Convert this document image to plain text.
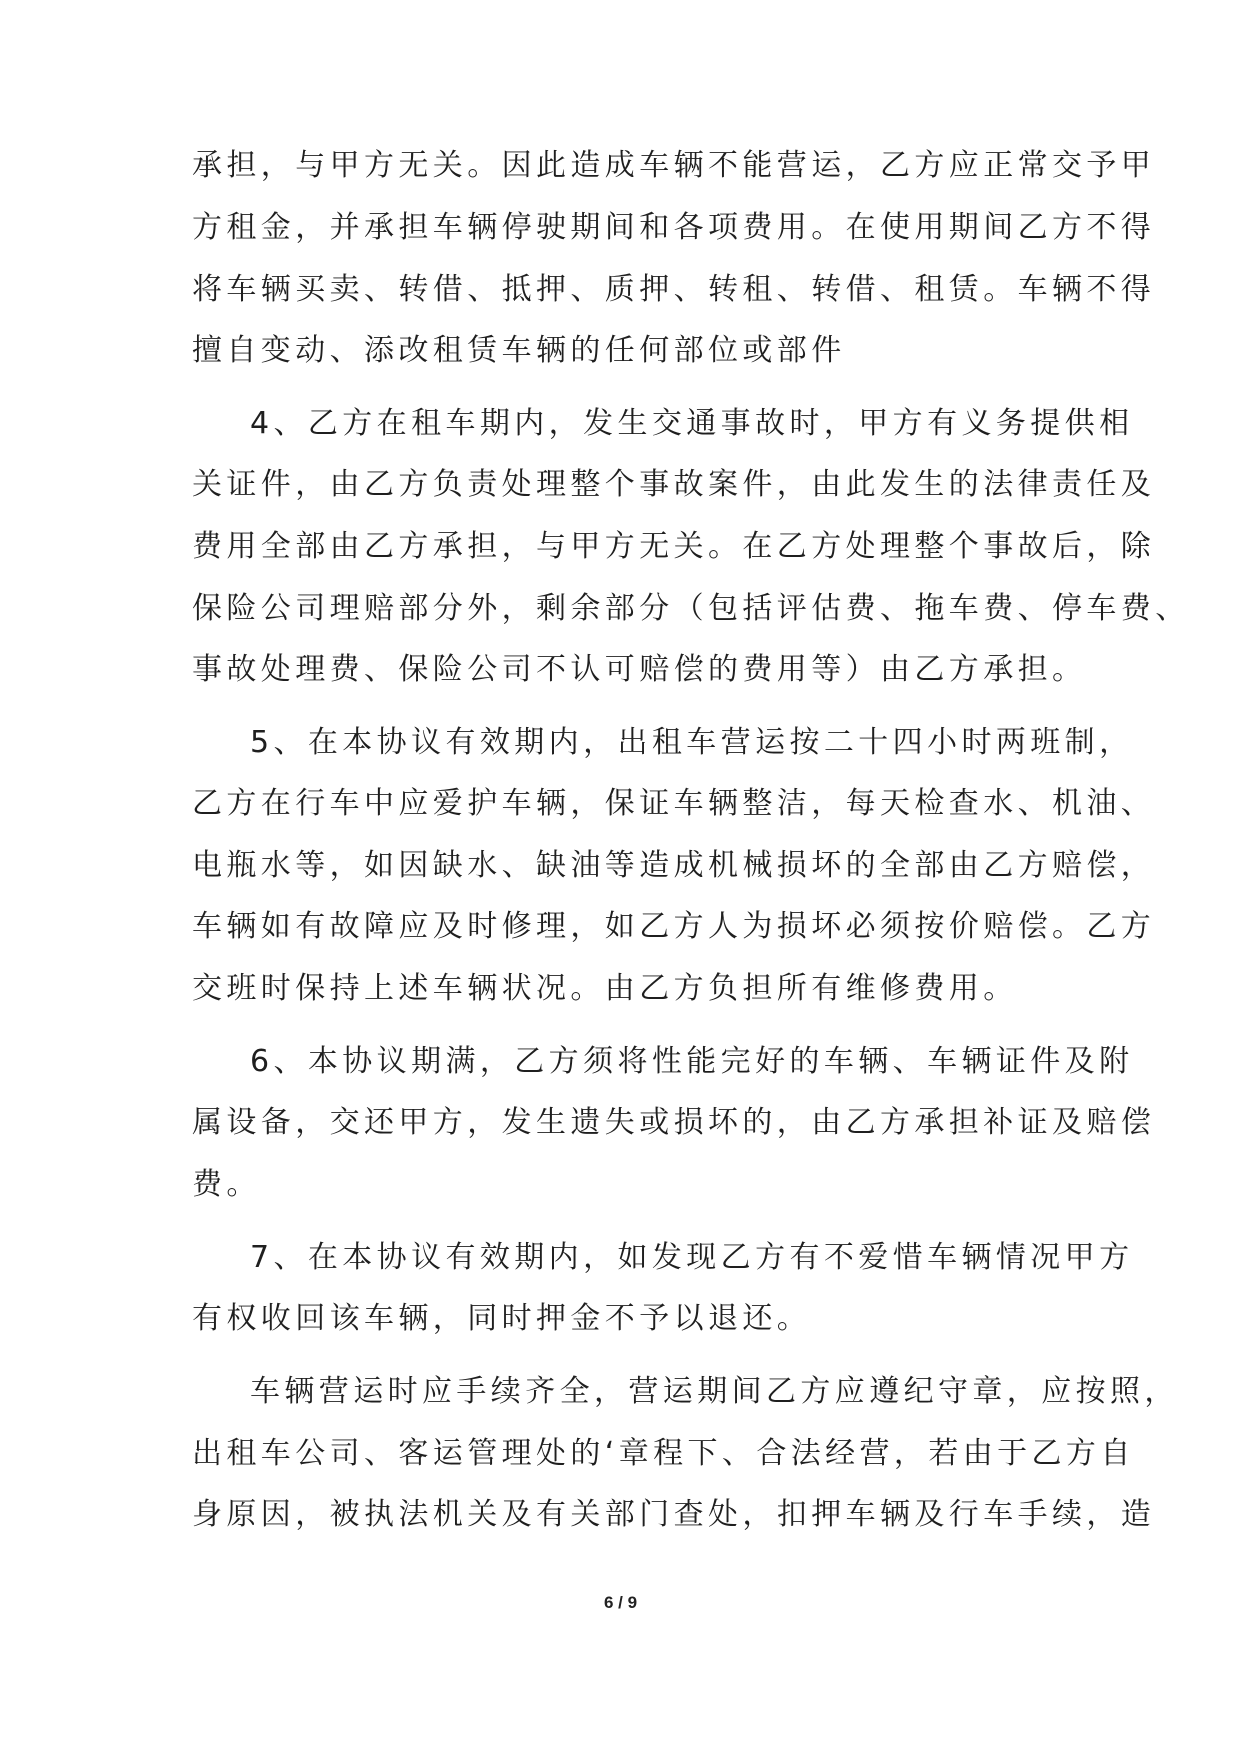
承担，与甲方无关。因此造成车辆不能营运，乙方应正常交予甲
方租金，并承担车辆停驶期间和各项费用。在使用期间乙方不得
将车辆买卖、转借、抵押、质押、转租、转借、租赁。车辆不得
擅自变动、添改租赁车辆的任何部位或部件
4、乙方在租车期内，发生交通事故时，甲方有义务提供相
关证件，由乙方负责处理整个事故案件，由此发生的法律责任及
费用全部由乙方承担，与甲方无关。在乙方处理整个事故后，除
保险公司理赔部分外，剩余部分（包括评估费、拖车费、停车费、
事故处理费、保险公司不认可赔偿的费用等）由乙方承担。
5、在本协议有效期内，出租车营运按二十四小时两班制，
乙方在行车中应爱护车辆，保证车辆整洁，每天检查水、机油、
电瓶水等，如因缺水、缺油等造成机械损坏的全部由乙方赔偿，
车辆如有故障应及时修理，如乙方人为损坏必须按价赔偿。乙方
交班时保持上述车辆状况。由乙方负担所有维修费用。
6、本协议期满，乙方须将性能完好的车辆、车辆证件及附
属设备，交还甲方，发生遗失或损坏的，由乙方承担补证及赔偿
费。
7、在本协议有效期内，如发现乙方有不爱惜车辆情况甲方
有权收回该车辆，同时押金不予以退还。
车辆营运时应手续齐全，营运期间乙方应遵纪守章，应按照，
出租车公司、客运管理处的‘章程下、合法经营，若由于乙方自
身原因，被执法机关及有关部门查处，扣押车辆及行车手续，造
6 / 9
